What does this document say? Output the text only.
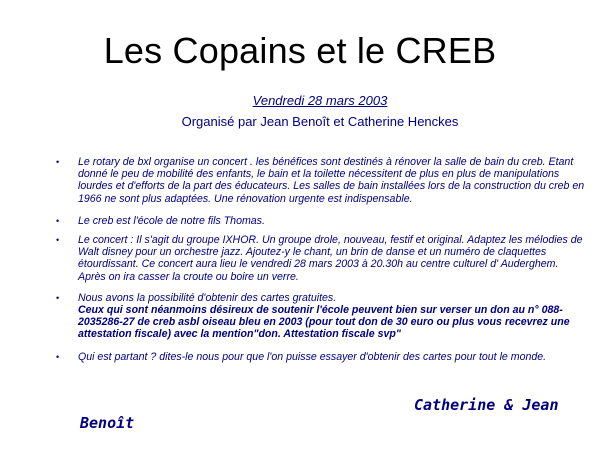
Les Copains et le CREB
Vendredi 28 mars 2003
Organisé par Jean Benoît et Catherine Henckes
• Le rotary de bxl organise un concert . les bénéfices sont destinés à rénover la salle de bain du creb. Etant donné le peu de mobilité des enfants, le bain et la toilette nécessitent de plus en plus de manipulations lourdes et d'efforts de la part des éducateurs. Les salles de bain installées lors de la construction du creb en 1966 ne sont plus adaptées. Une rénovation urgente est indispensable.
• Le creb est l'école de notre fils Thomas.
• Le concert : Il s'agit du groupe IXHOR. Un groupe drole, nouveau, festif et original. Adaptez les mélodies de Walt disney pour un orchestre jazz. Ajoutez-y le chant, un brin de danse et un numéro de claquettes étourdissant. Ce concert aura lieu le vendredi 28 mars 2003 à 20.30h au centre culturel d' Auderghem. Après on ira casser la croute ou boire un verre.
• Nous avons la possibilité d'obtenir des cartes gratuites.
Ceux qui sont néanmoins désireux de soutenir l'école peuvent bien sur verser un don au n° 088-2035286-27 de creb asbl oiseau bleu en 2003 (pour tout don de 30 euro ou plus vous recevrez une attestation fiscale) avec la mention"don. Attestation fiscale svp"
• Qui est partant ? dites-le nous pour que l'on puisse essayer d'obtenir des cartes pour tout le monde.
Catherine & Jean
Benoît
